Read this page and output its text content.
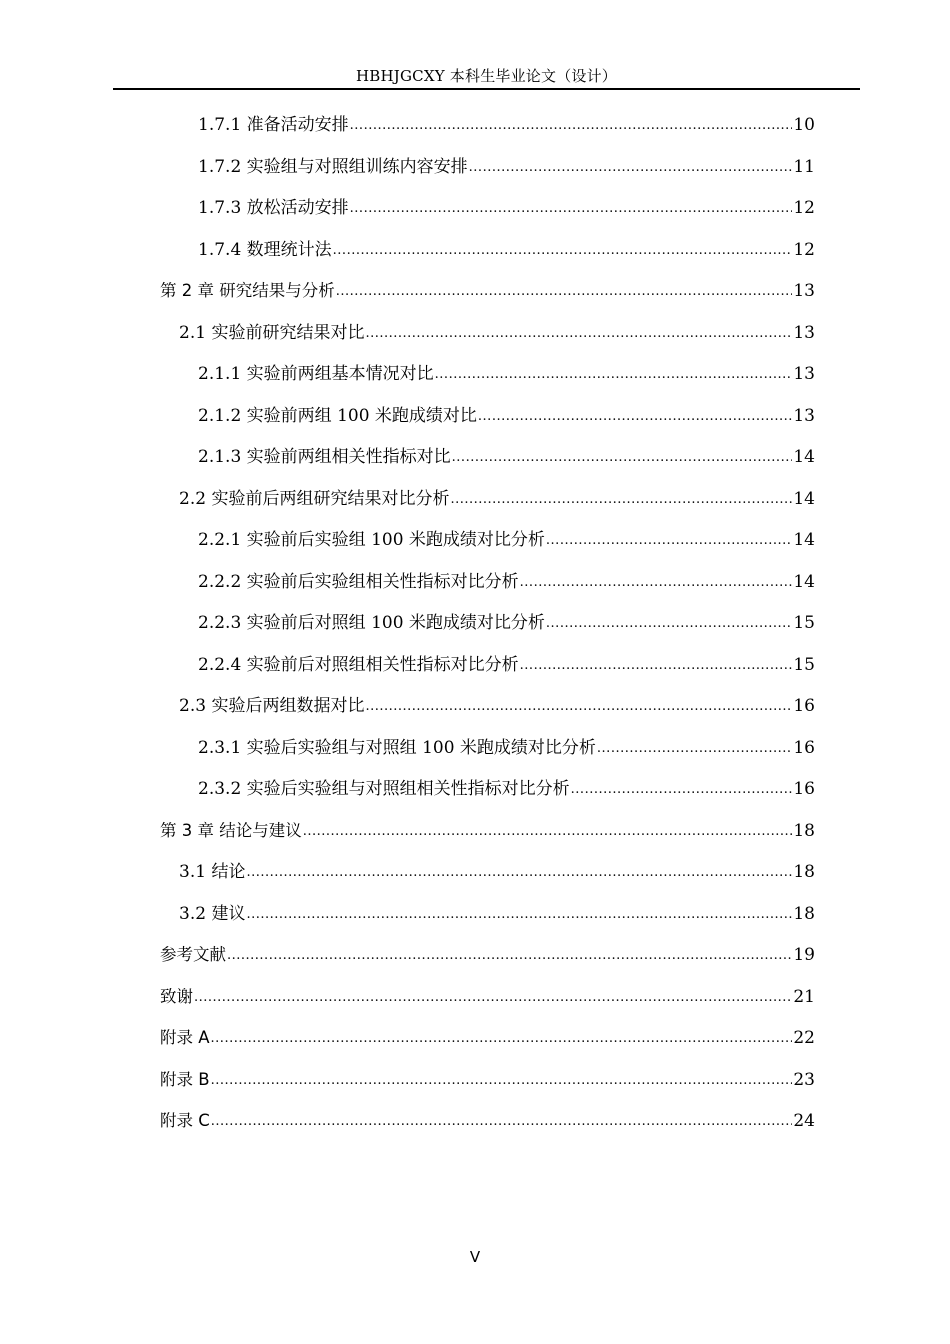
HBHJGCXY 本科生毕业论文（设计）
1.7.1 准备活动安排 .....	10
1.7.2 实验组与对照组训练内容安排 .....	11
1.7.3 放松活动安排 .....	12
1.7.4 数理统计法 .....	12
第 2 章 研究结果与分析 .....	13
2.1 实验前研究结果对比 .....	13
2.1.1 实验前两组基本情况对比 .....	13
2.1.2 实验前两组 100 米跑成绩对比 .....	13
2.1.3 实验前两组相关性指标对比 .....	14
2.2 实验前后两组研究结果对比分析 .....	14
2.2.1 实验前后实验组 100 米跑成绩对比分析 .....	14
2.2.2 实验前后实验组相关性指标对比分析 .....	14
2.2.3 实验前后对照组 100 米跑成绩对比分析 .....	15
2.2.4 实验前后对照组相关性指标对比分析 .....	15
2.3 实验后两组数据对比 .....	16
2.3.1 实验后实验组与对照组 100 米跑成绩对比分析 .....	16
2.3.2 实验后实验组与对照组相关性指标对比分析 .....	16
第 3 章 结论与建议 .....	18
3.1 结论 .....	18
3.2 建议 .....	18
参考文献 .....	19
致谢 .....	21
附录 A .....	22
附录 B .....	23
附录 C .....	24
V
